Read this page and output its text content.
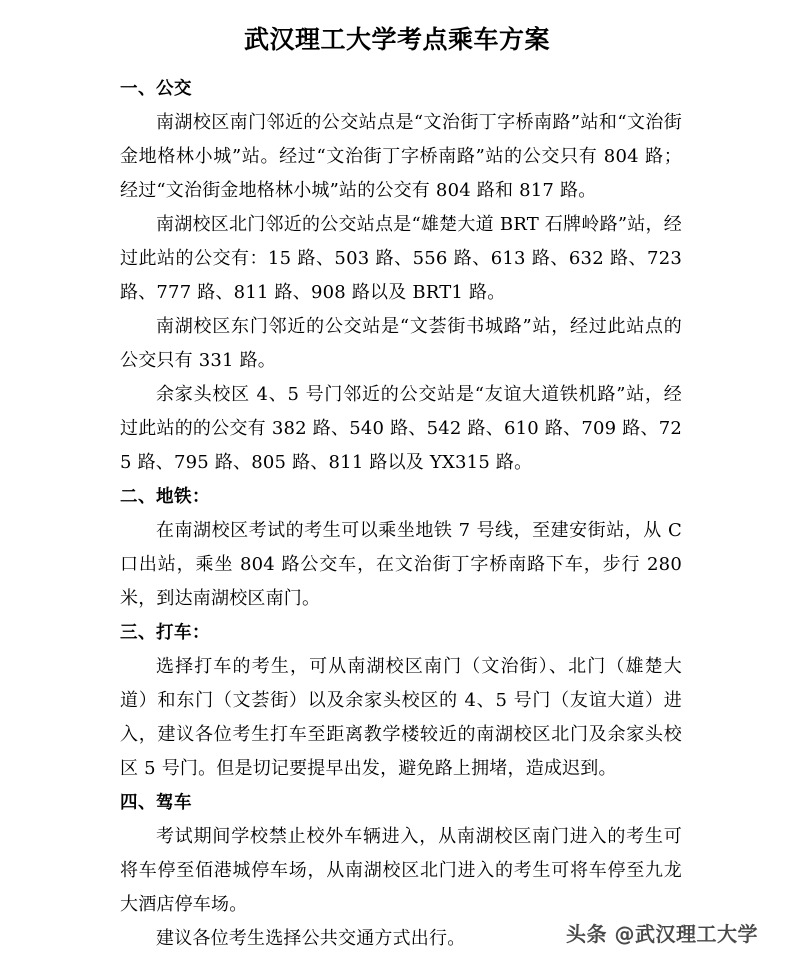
武汉理工大学考点乘车方案

一、公交

南湖校区南门邻近的公交站点是“文治街丁字桥南路”站和“文治街金地格林小城”站。经过“文治街丁字桥南路”站的公交只有 804 路；经过“文治街金地格林小城”站的公交有 804 路和 817 路。

南湖校区北门邻近的公交站点是“雄楚大道 BRT 石牌岭路”站，经过此站的公交有：15 路、503 路、556 路、613 路、632 路、723 路、777 路、811 路、908 路以及 BRT1 路。

南湖校区东门邻近的公交站是“文荟街书城路”站，经过此站点的公交只有 331 路。

余家头校区 4、5 号门邻近的公交站是“友谊大道铁机路”站，经过此站的的公交有 382 路、540 路、542 路、610 路、709 路、725 路、795 路、805 路、811 路以及 YX315 路。

二、地铁：

在南湖校区考试的考生可以乘坐地铁 7 号线，至建安街站，从 C 口出站，乘坐 804 路公交车，在文治街丁字桥南路下车，步行 280 米，到达南湖校区南门。

三、打车：

选择打车的考生，可从南湖校区南门（文治街）、北门（雄楚大道）和东门（文荟街）以及余家头校区的 4、5 号门（友谊大道）进入，建议各位考生打车至距离教学楼较近的南湖校区北门及余家头校区 5 号门。但是切记要提早出发，避免路上拥堵，造成迟到。

四、驾车

考试期间学校禁止校外车辆进入，从南湖校区南门进入的考生可将车停至佰港城停车场，从南湖校区北门进入的考生可将车停至九龙大酒店停车场。

建议各位考生选择公共交通方式出行。	头条 @武汉理工大学
